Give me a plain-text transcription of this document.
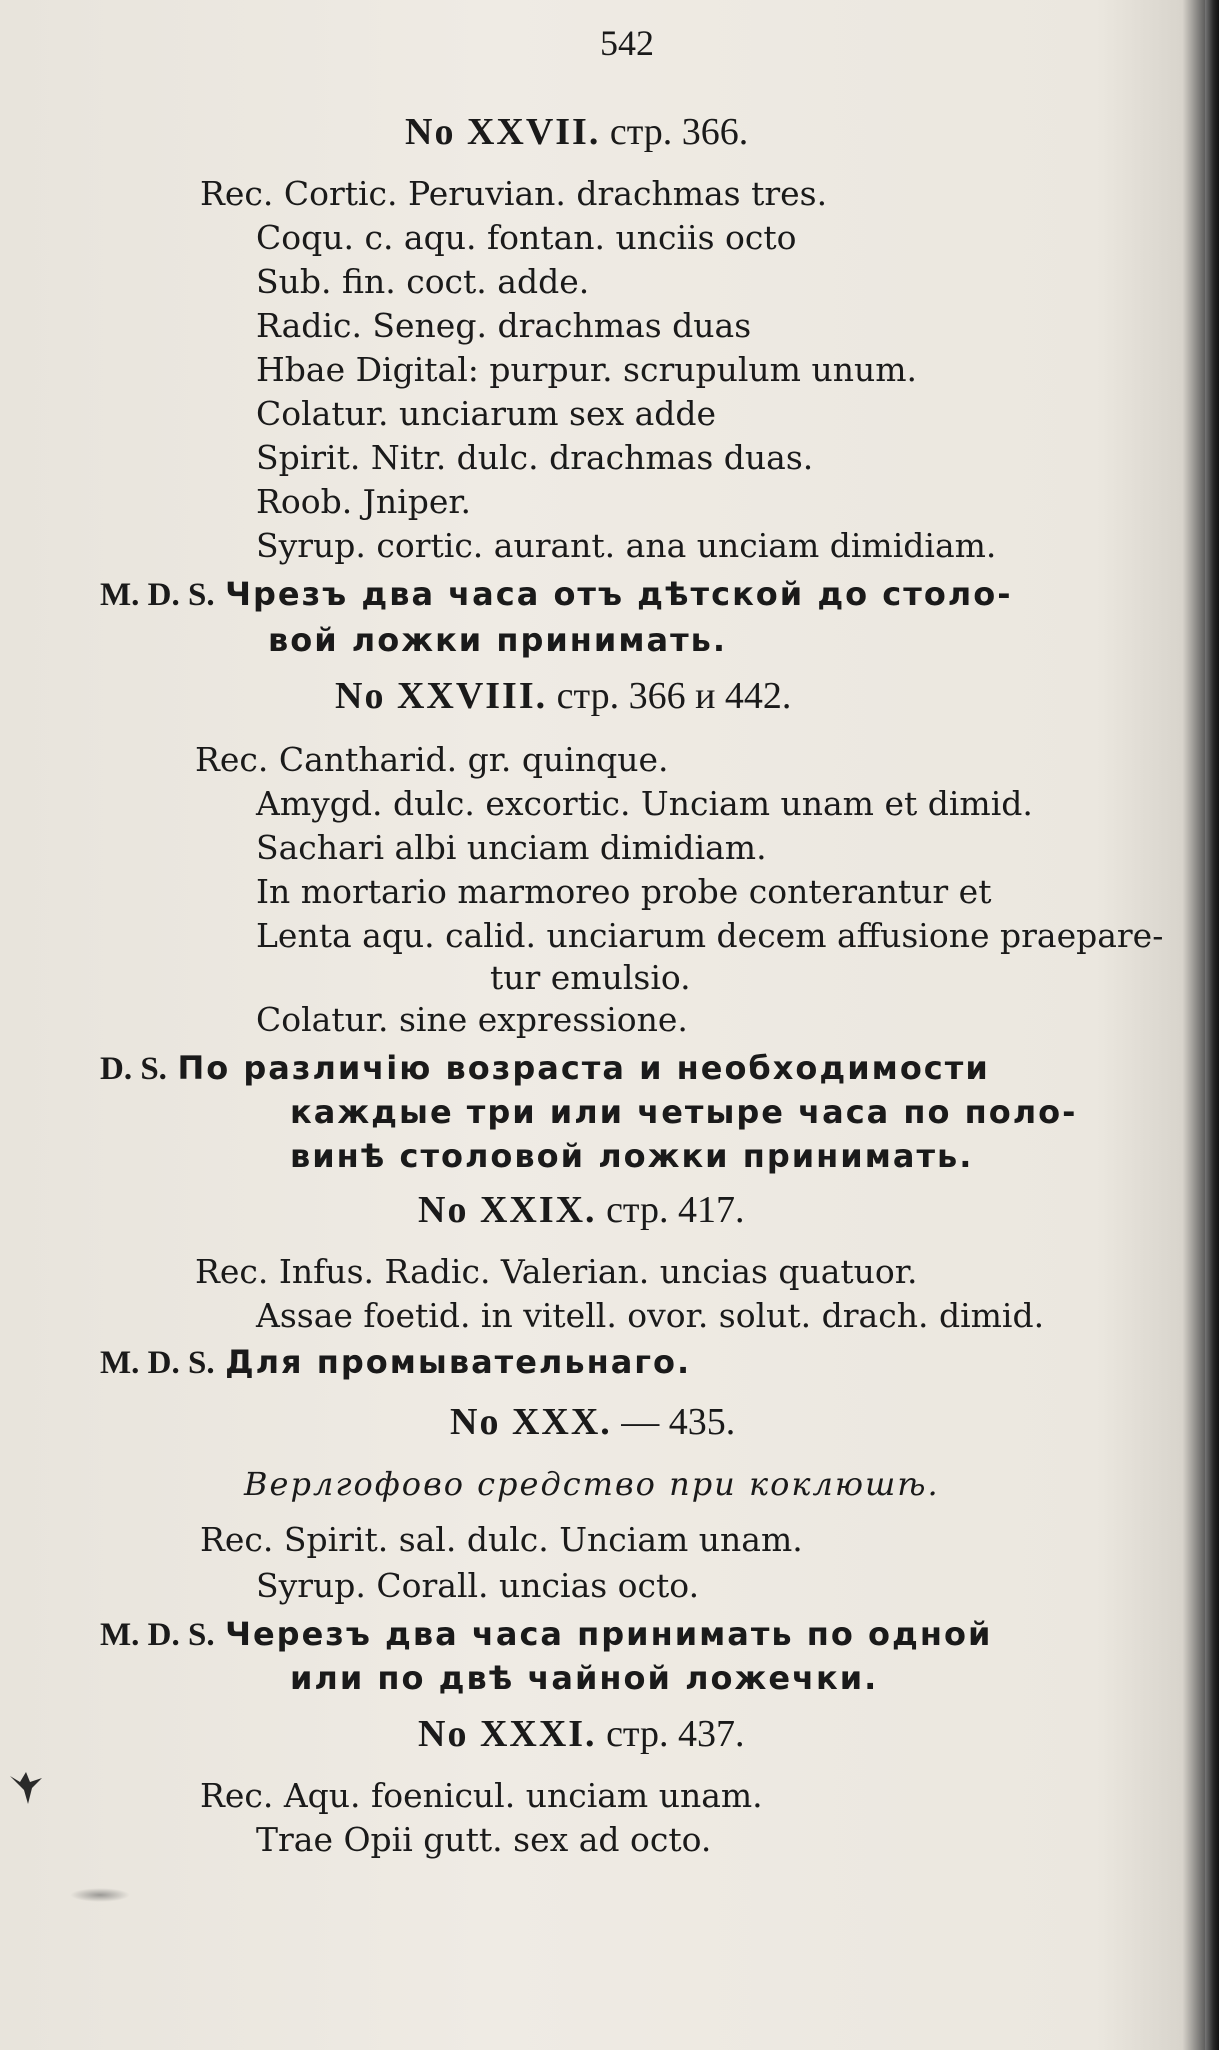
542
No XXVII. стр. 366.
Rec. Cortic. Peruvian. drachmas tres.
Coqu. c. aqu. fontan. unciis octo
Sub. fin. coct. adde.
Radic. Seneg. drachmas duas
Hbae Digital: purpur. scrupulum unum.
Colatur. unciarum sex adde
Spirit. Nitr. dulc. drachmas duas.
Roob. Jniper.
Syrup. cortic. aurant. ana unciam dimidiam.
M. D. S. Чрезъ два часа отъ дѣтской до столо-
вой ложки принимать.
No XXVIII. стр. 366 и 442.
Rec. Cantharid. gr. quinque.
Amygd. dulc. excortic. Unciam unam et dimid.
Sachari albi unciam dimidiam.
In mortario marmoreo probe conterantur et
Lenta aqu. calid. unciarum decem affusione praepare-
tur emulsio.
Colatur. sine expressione.
D. S. По различію возраста и необходимости
каждые три или четыре часа по поло-
винѣ столовой ложки принимать.
No XXIX. стр. 417.
Rec. Infus. Radic. Valerian. uncias quatuor.
Assae foetid. in vitell. ovor. solut. drach. dimid.
M. D. S. Для промывательнаго.
No XXX. — 435.
Верлгофово средство при коклюшѣ.
Rec. Spirit. sal. dulc. Unciam unam.
Syrup. Corall. uncias octo.
M. D. S. Черезъ два часа принимать по одной
или по двѣ чайной ложечки.
No XXXI. стр. 437.
Rec. Aqu. foenicul. unciam unam.
Trae Opii gutt. sex ad octo.
